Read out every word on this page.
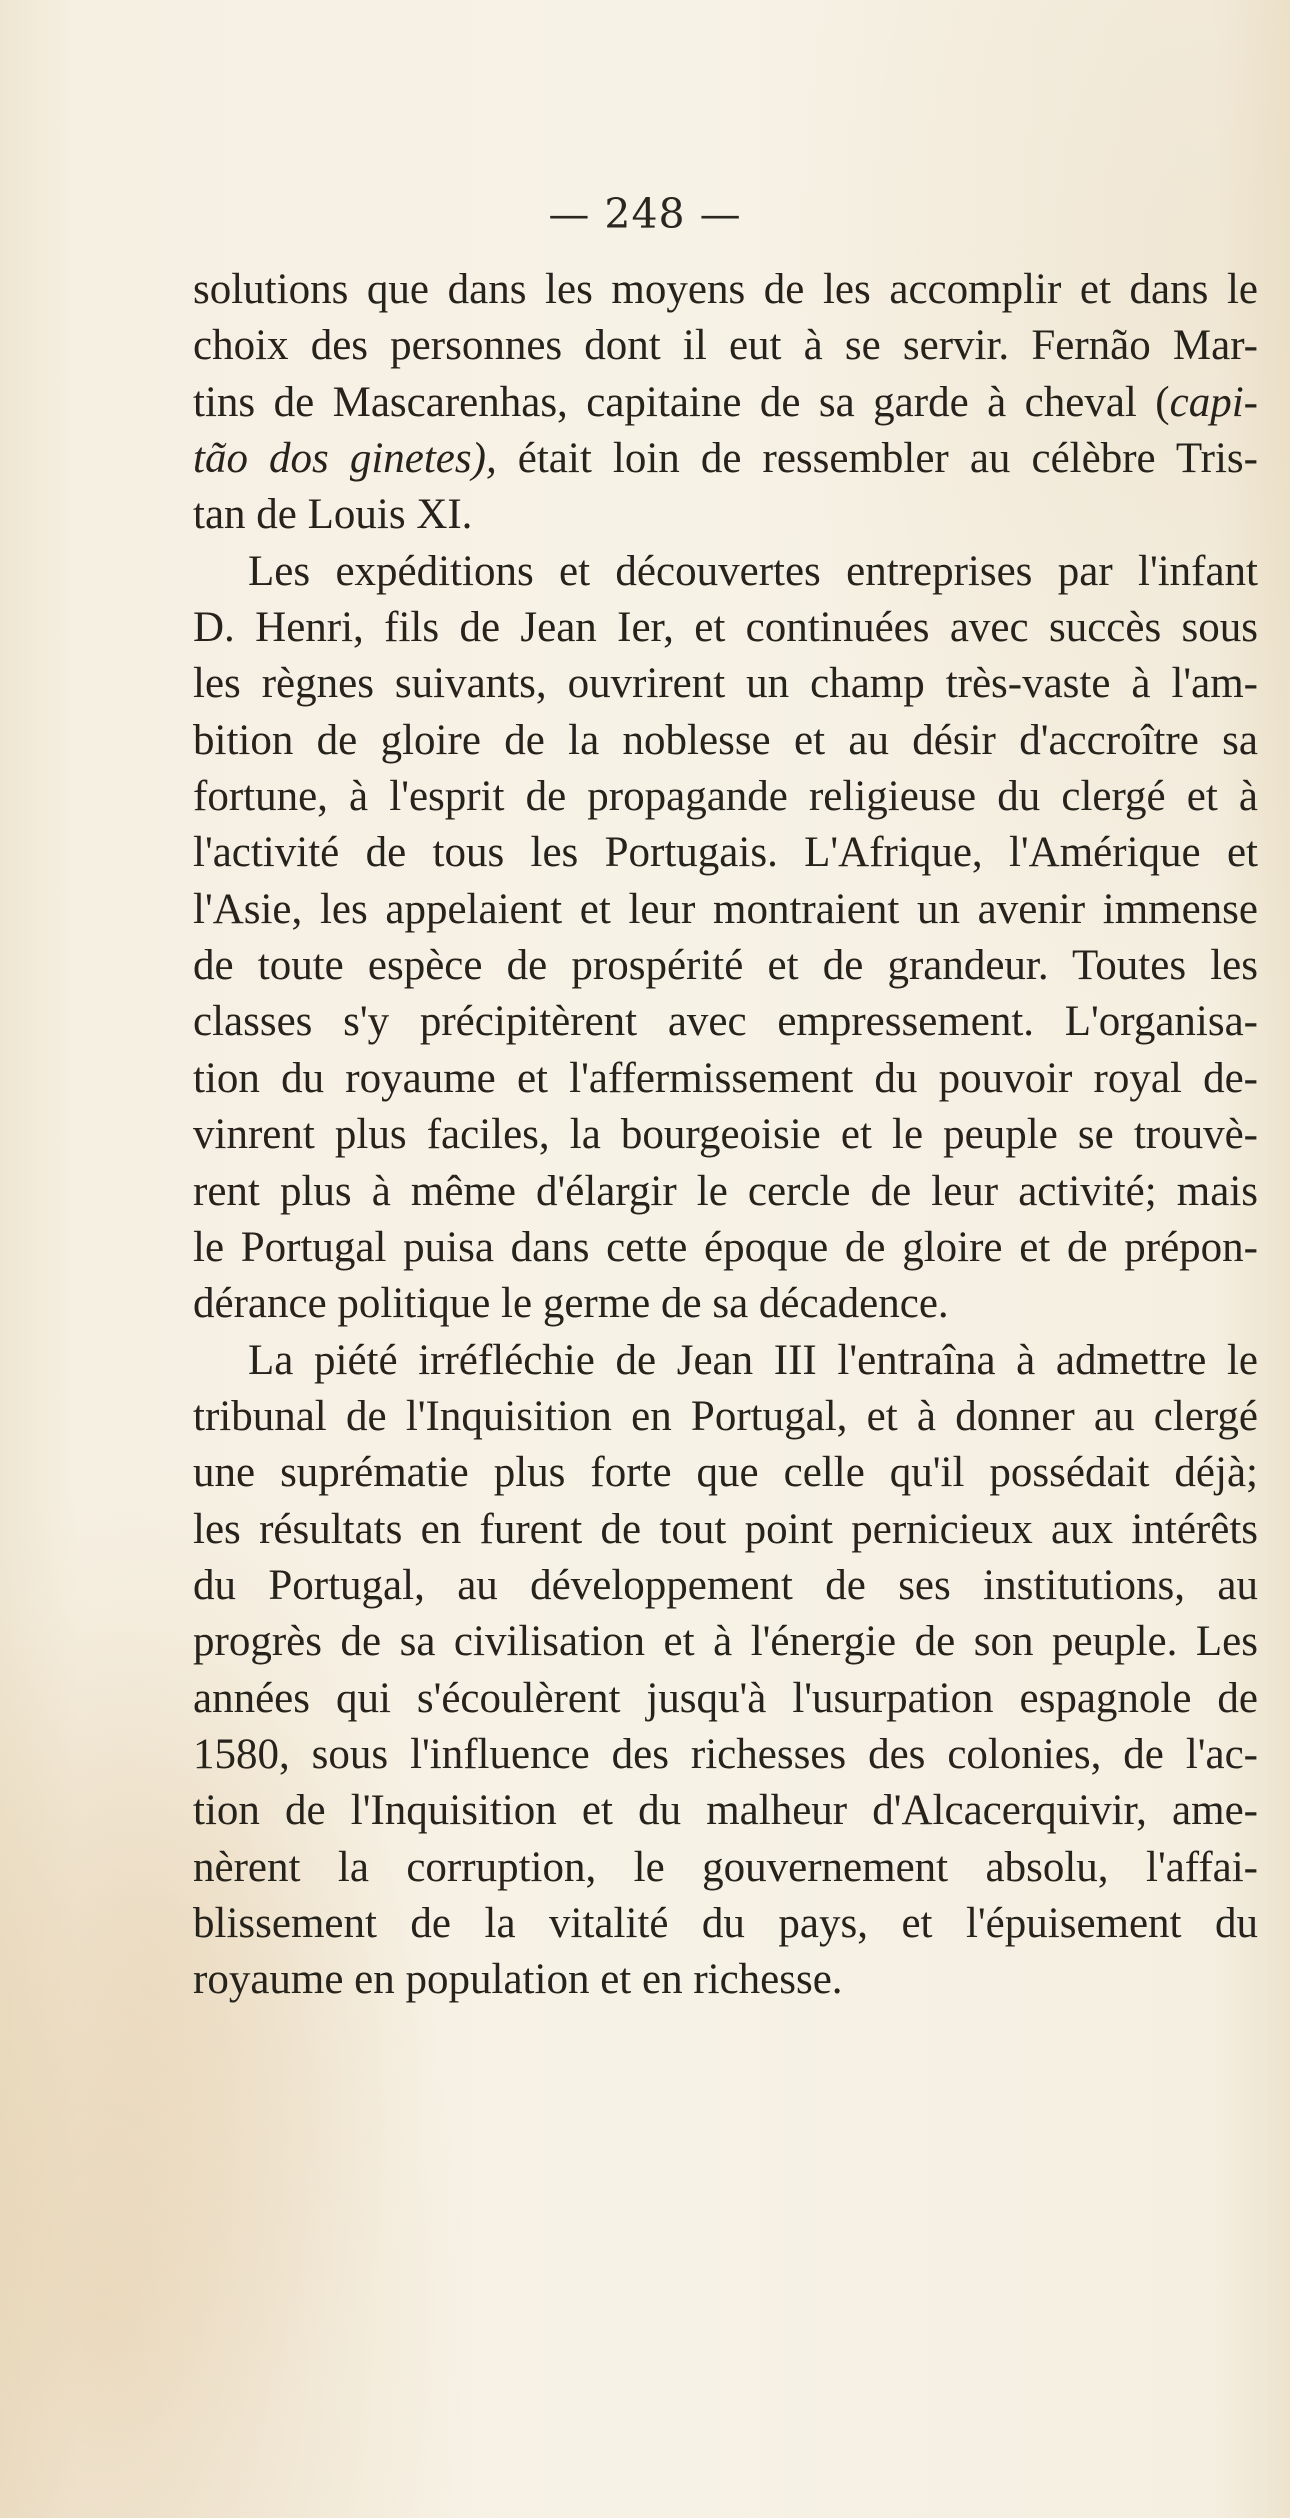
— 248 —
solutions que dans les moyens de les accomplir et dans le
choix des personnes dont il eut à se servir. Fernão Mar-
tins de Mascarenhas, capitaine de sa garde à cheval (capi-
tão dos ginetes), était loin de ressembler au célèbre Tris-
tan de Louis XI.
Les expéditions et découvertes entreprises par l'infant
D. Henri, fils de Jean Ier, et continuées avec succès sous
les règnes suivants, ouvrirent un champ très-vaste à l'am-
bition de gloire de la noblesse et au désir d'accroître sa
fortune, à l'esprit de propagande religieuse du clergé et à
l'activité de tous les Portugais. L'Afrique, l'Amérique et
l'Asie, les appelaient et leur montraient un avenir immense
de toute espèce de prospérité et de grandeur. Toutes les
classes s'y précipitèrent avec empressement. L'organisa-
tion du royaume et l'affermissement du pouvoir royal de-
vinrent plus faciles, la bourgeoisie et le peuple se trouvè-
rent plus à même d'élargir le cercle de leur activité; mais
le Portugal puisa dans cette époque de gloire et de prépon-
dérance politique le germe de sa décadence.
La piété irréfléchie de Jean III l'entraîna à admettre le
tribunal de l'Inquisition en Portugal, et à donner au clergé
une suprématie plus forte que celle qu'il possédait déjà;
les résultats en furent de tout point pernicieux aux intérêts
du Portugal, au développement de ses institutions, au
progrès de sa civilisation et à l'énergie de son peuple. Les
années qui s'écoulèrent jusqu'à l'usurpation espagnole de
1580, sous l'influence des richesses des colonies, de l'ac-
tion de l'Inquisition et du malheur d'Alcacerquivir, ame-
nèrent la corruption, le gouvernement absolu, l'affai-
blissement de la vitalité du pays, et l'épuisement du
royaume en population et en richesse.
